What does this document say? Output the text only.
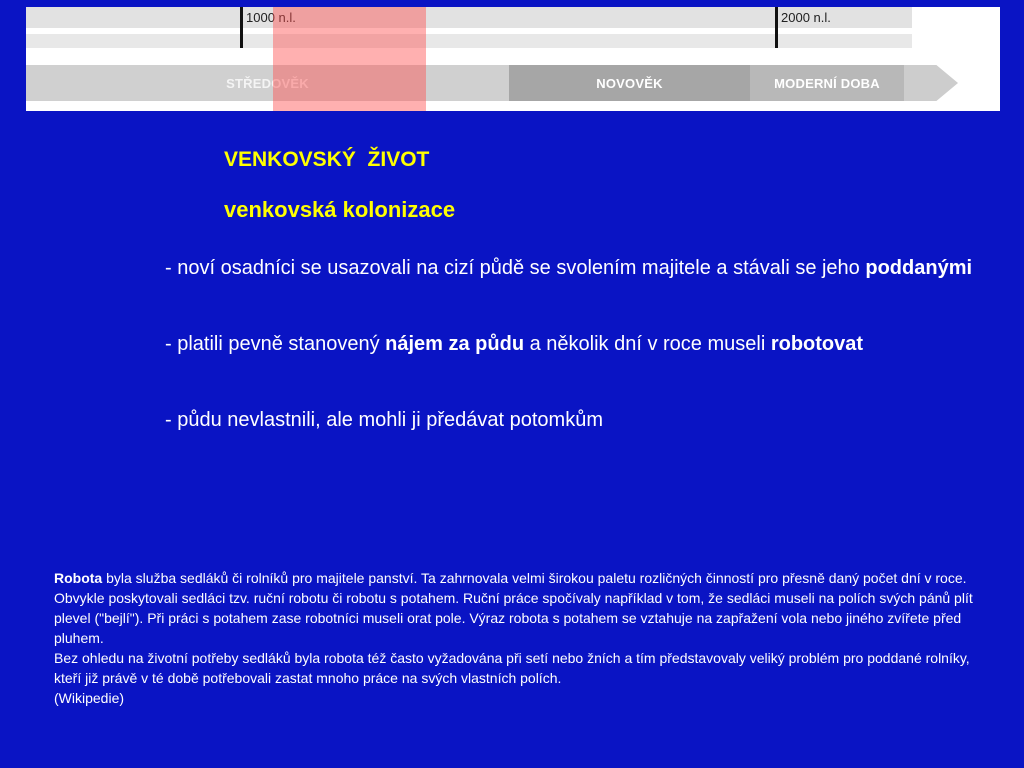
1000 n.l.	2000 n.l.
STŘEDOVĚK	NOVOVĚK	MODERNÍ DOBA
VENKOVSKÝ  ŽIVOT
venkovská kolonizace
- noví osadníci se usazovali na cizí půdě se svolením majitele a stávali se jeho poddanými
- platili pevně stanovený nájem za půdu a několik dní v roce museli robotovat
- půdu nevlastnili, ale mohli ji předávat potomkům
Robota byla služba sedláků či rolníků pro majitele panství. Ta zahrnovala velmi širokou paletu rozličných činností pro přesně daný počet dní v roce. Obvykle poskytovali sedláci tzv. ruční robotu či robotu s potahem. Ruční práce spočívaly například v tom, že sedláci museli na polích svých pánů plít plevel ("bejlí"). Při práci s potahem zase robotníci museli orat pole. Výraz robota s potahem se vztahuje na zapřažení vola nebo jiného zvířete před pluhem.
Bez ohledu na životní potřeby sedláků byla robota též často vyžadována při setí nebo žních a tím představovaly veliký problém pro poddané rolníky, kteří již právě v té době potřebovali zastat mnoho práce na svých vlastních polích.
(Wikipedie)
